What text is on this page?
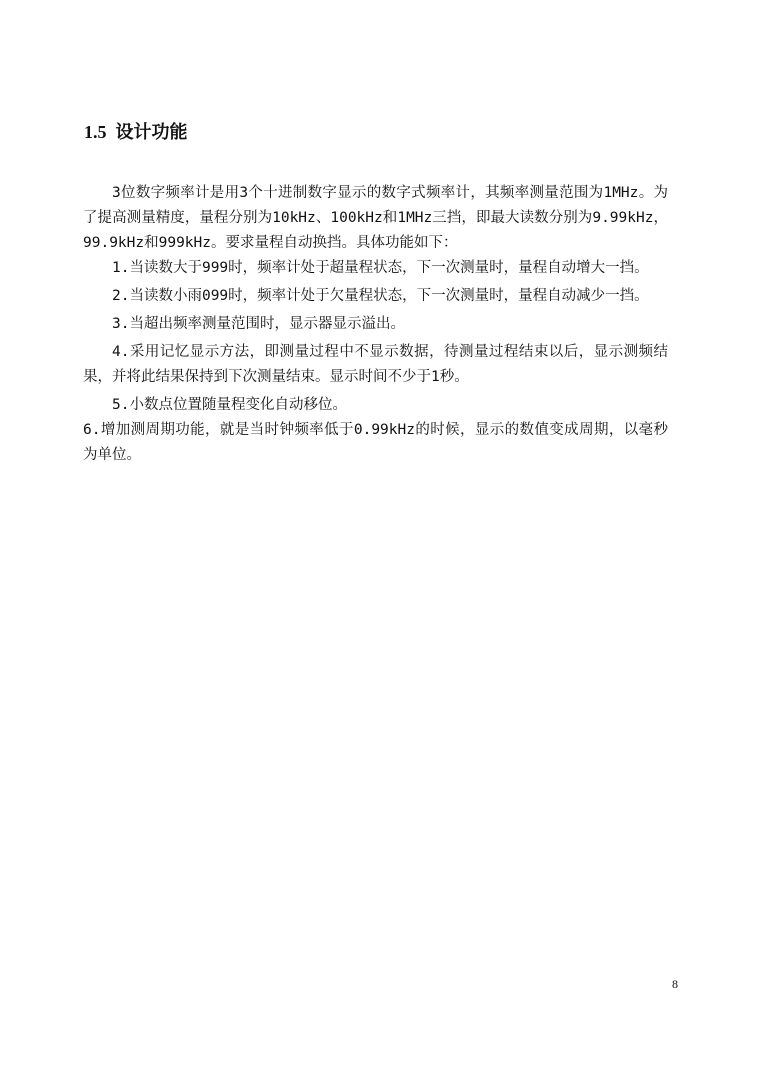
1.5 设计功能

3位数字频率计是用3个十进制数字显示的数字式频率计，其频率测量范围为1MHz。为了提高测量精度，量程分别为10kHz、100kHz和1MHz三挡，即最大读数分别为9.99kHz，99.9kHz和999kHz。要求量程自动换挡。具体功能如下：

1.当读数大于999时，频率计处于超量程状态，下一次测量时，量程自动增大一挡。

2.当读数小雨099时，频率计处于欠量程状态，下一次测量时，量程自动减少一挡。

3.当超出频率测量范围时，显示器显示溢出。

4.采用记忆显示方法，即测量过程中不显示数据，待测量过程结束以后，显示测频结果，并将此结果保持到下次测量结束。显示时间不少于1秒。

5.小数点位置随量程变化自动移位。

6.增加测周期功能，就是当时钟频率低于0.99kHz的时候，显示的数值变成周期，以毫秒为单位。

8
